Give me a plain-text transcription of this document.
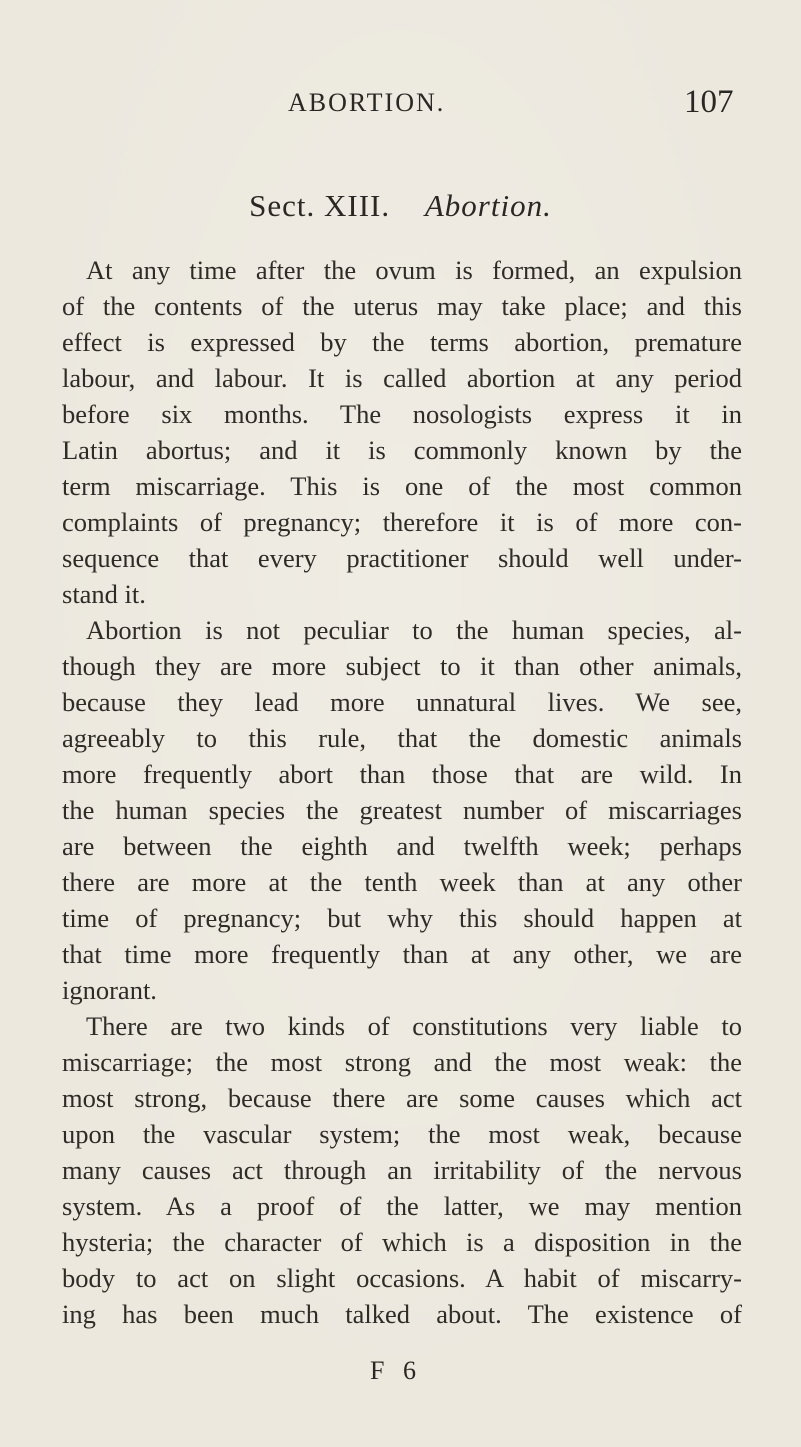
ABORTION.	107
Sect. XIII. Abortion.
At any time after the ovum is formed, an expulsion
of the contents of the uterus may take place; and this
effect is expressed by the terms abortion, premature
labour, and labour. It is called abortion at any period
before six months. The nosologists express it in
Latin abortus; and it is commonly known by the
term miscarriage. This is one of the most common
complaints of pregnancy; therefore it is of more con-
sequence that every practitioner should well under-
stand it.
Abortion is not peculiar to the human species, al-
though they are more subject to it than other animals,
because they lead more unnatural lives. We see,
agreeably to this rule, that the domestic animals
more frequently abort than those that are wild. In
the human species the greatest number of miscarriages
are between the eighth and twelfth week; perhaps
there are more at the tenth week than at any other
time of pregnancy; but why this should happen at
that time more frequently than at any other, we are
ignorant.
There are two kinds of constitutions very liable to
miscarriage; the most strong and the most weak: the
most strong, because there are some causes which act
upon the vascular system; the most weak, because
many causes act through an irritability of the nervous
system. As a proof of the latter, we may mention
hysteria; the character of which is a disposition in the
body to act on slight occasions. A habit of miscarry-
ing has been much talked about. The existence of
F 6
